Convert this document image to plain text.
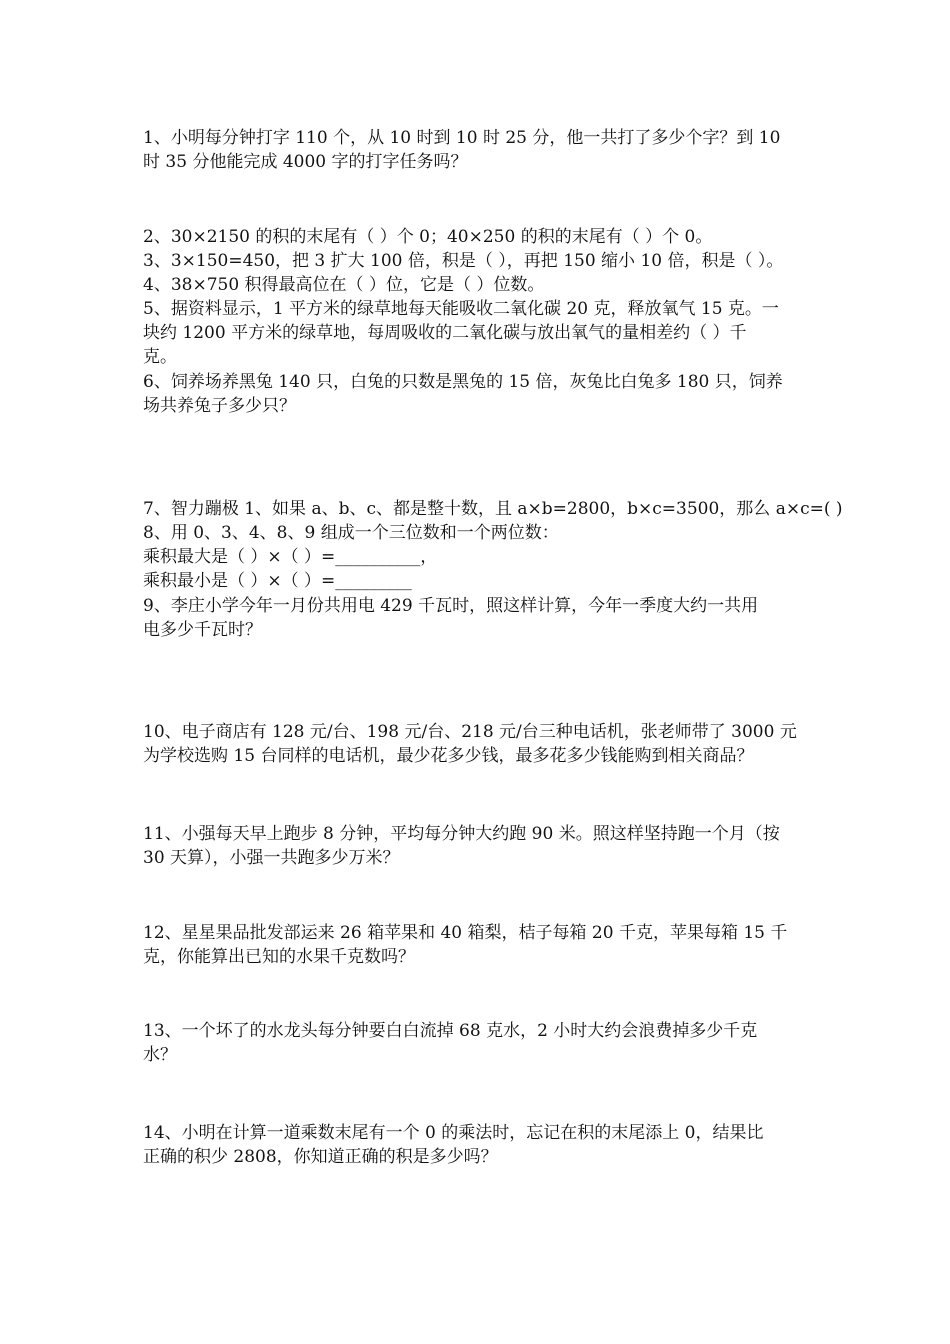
1、小明每分钟打字 110 个，从 10 时到 10 时 25 分，他一共打了多少个字？到 10
时 35 分他能完成 4000 字的打字任务吗？

2、30×2150 的积的末尾有（ ）个 0；40×250 的积的末尾有（ ）个 0。

3、3×150=450，把 3 扩大 100 倍，积是（ ），再把 150 缩小 10 倍，积是（ ）。

4、38×750 积得最高位在（ ）位，它是（ ）位数。

5、据资料显示，1 平方米的绿草地每天能吸收二氧化碳 20 克，释放氧气 15 克。一
块约 1200 平方米的绿草地，每周吸收的二氧化碳与放出氧气的量相差约（ ）千
克。

6、饲养场养黑兔 140 只，白兔的只数是黑兔的 15 倍，灰兔比白兔多 180 只，饲养
场共养兔子多少只？

7、智力蹦极 1、如果 a、b、c、都是整十数，且 a×b=2800，b×c=3500，那么 a×c=( )

8、用 0、3、4、8、9 组成一个三位数和一个两位数：
乘积最大是（ ）×（ ）=__________，
乘积最小是（ ）×（ ）=_________

9、李庄小学今年一月份共用电 429 千瓦时，照这样计算，今年一季度大约一共用
电多少千瓦时？

10、电子商店有 128 元/台、198 元/台、218 元/台三种电话机，张老师带了 3000 元
为学校选购 15 台同样的电话机，最少花多少钱，最多花多少钱能购到相关商品？

11、小强每天早上跑步 8 分钟，平均每分钟大约跑 90 米。照这样坚持跑一个月（按
30 天算），小强一共跑多少万米？

12、星星果品批发部运来 26 箱苹果和 40 箱梨，桔子每箱 20 千克，苹果每箱 15 千
克，你能算出已知的水果千克数吗？

13、一个坏了的水龙头每分钟要白白流掉 68 克水，2 小时大约会浪费掉多少千克
水？

14、小明在计算一道乘数末尾有一个 0 的乘法时，忘记在积的末尾添上 0，结果比
正确的积少 2808，你知道正确的积是多少吗？
